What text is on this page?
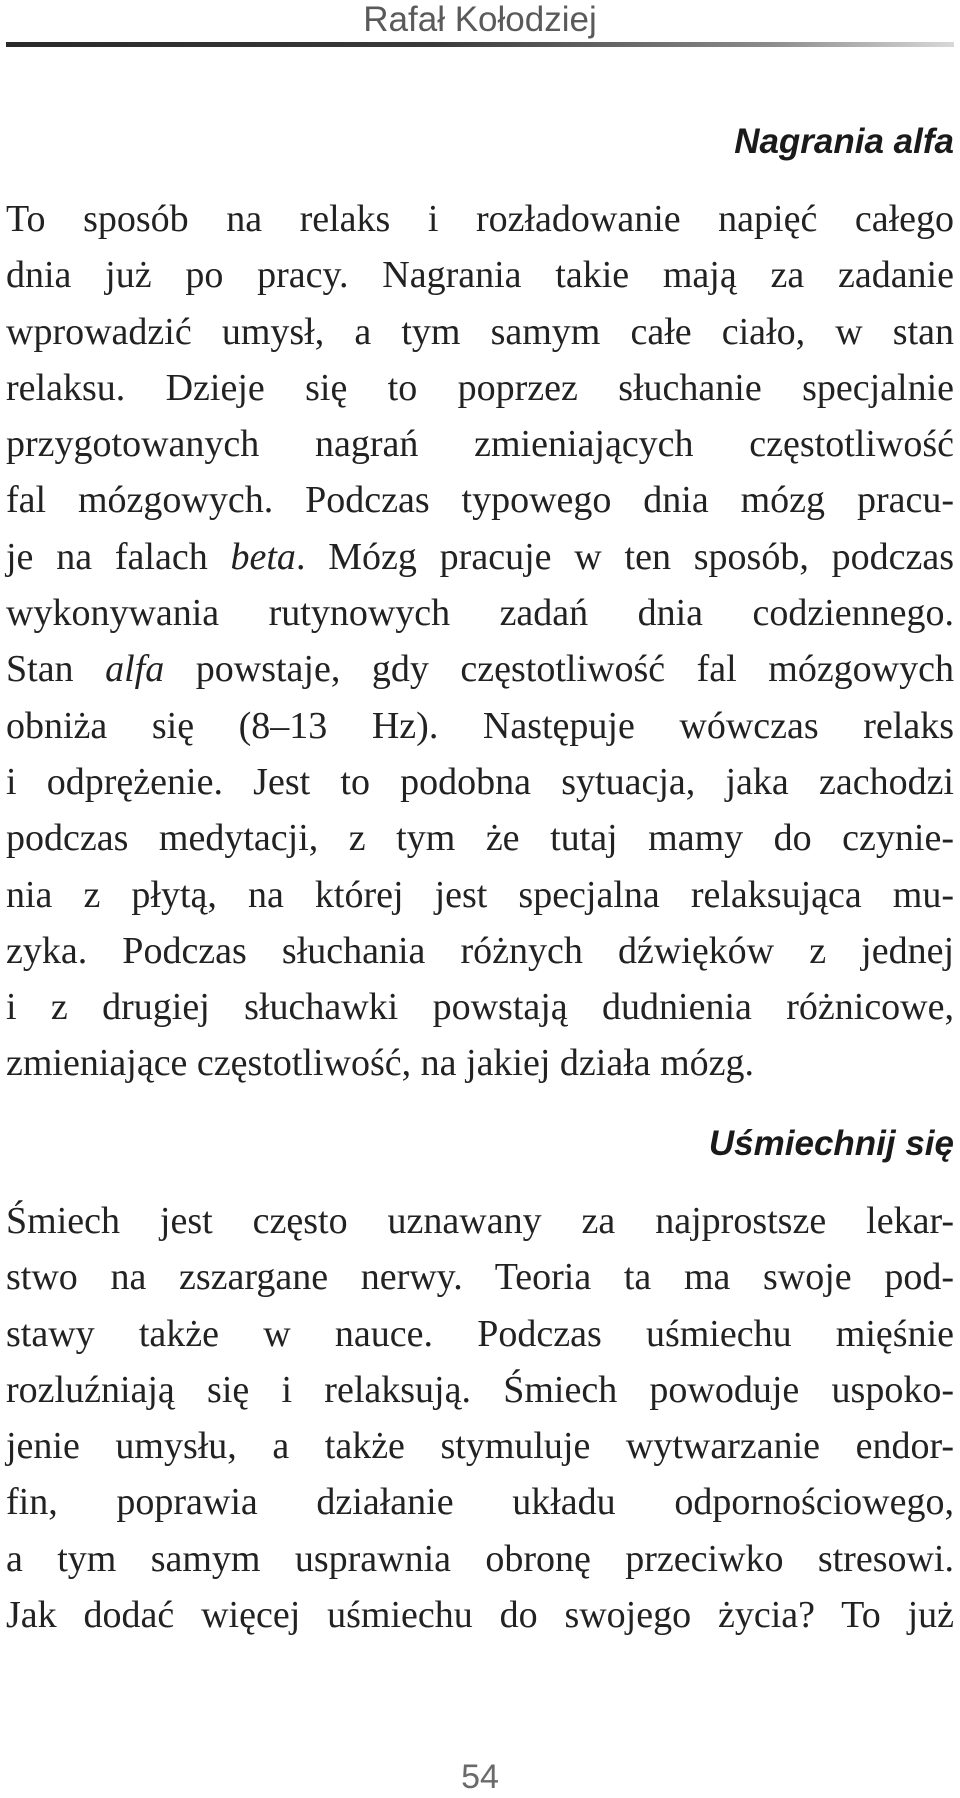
Rafał Kołodziej
Nagrania alfa
To sposób na relaks i rozładowanie napięć całego
dnia już po pracy. Nagrania takie mają za zadanie
wprowadzić umysł, a tym samym całe ciało, w stan
relaksu. Dzieje się to poprzez słuchanie specjalnie
przygotowanych nagrań zmieniających częstotliwość
fal mózgowych. Podczas typowego dnia mózg pracu-
je na falach beta. Mózg pracuje w ten sposób, podczas
wykonywania rutynowych zadań dnia codziennego.
Stan alfa powstaje, gdy częstotliwość fal mózgowych
obniża się (8–13 Hz). Następuje wówczas relaks
i odprężenie. Jest to podobna sytuacja, jaka zachodzi
podczas medytacji, z tym że tutaj mamy do czynie-
nia z płytą, na której jest specjalna relaksująca mu-
zyka. Podczas słuchania różnych dźwięków z jednej
i z drugiej słuchawki powstają dudnienia różnicowe,
zmieniające częstotliwość, na jakiej działa mózg.
Uśmiechnij się
Śmiech jest często uznawany za najprostsze lekar-
stwo na zszargane nerwy. Teoria ta ma swoje pod-
stawy także w nauce. Podczas uśmiechu mięśnie
rozluźniają się i relaksują. Śmiech powoduje uspoko-
jenie umysłu, a także stymuluje wytwarzanie endor-
fin, poprawia działanie układu odpornościowego,
a tym samym usprawnia obronę przeciwko stresowi.
Jak dodać więcej uśmiechu do swojego życia? To już
54
